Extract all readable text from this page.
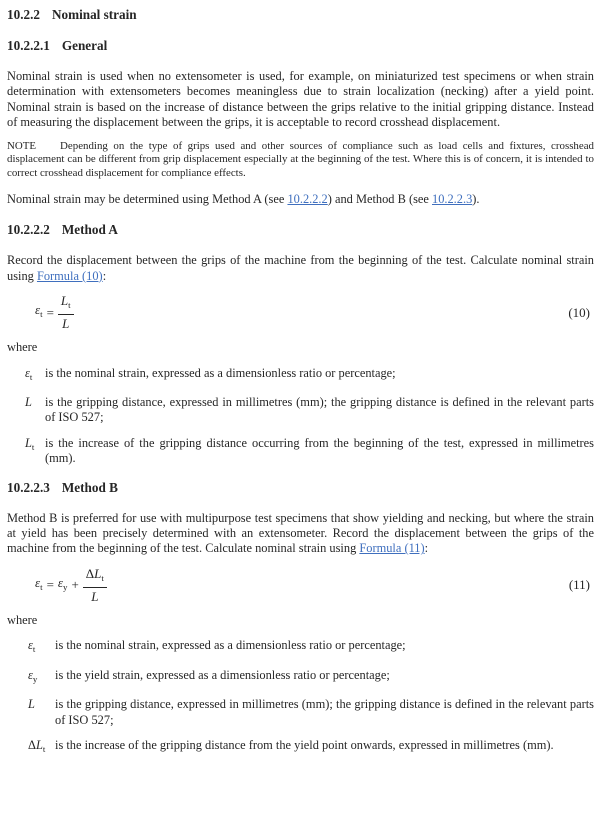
10.2.2 Nominal strain
10.2.2.1 General

Nominal strain is used when no extensometer is used, for example, on miniaturized test specimens or when strain determination with extensometers becomes meaningless due to strain localization (necking) after a yield point. Nominal strain is based on the increase of distance between the grips relative to the initial gripping distance. Instead of measuring the displacement between the grips, it is acceptable to record crosshead displacement.

NOTE Depending on the type of grips used and other sources of compliance such as load cells and fixtures, crosshead displacement can be different from grip displacement especially at the beginning of the test. Where this is of concern, it is intended to correct crosshead displacement for compliance effects.

Nominal strain may be determined using Method A (see 10.2.2.2) and Method B (see 10.2.2.3).

10.2.2.2 Method A

Record the displacement between the grips of the machine from the beginning of the test. Calculate nominal strain using Formula (10):

$\varepsilon_t = \frac{L_t}{L}$	(10)

where

$\varepsilon_t$	is the nominal strain, expressed as a dimensionless ratio or percentage;
L	is the gripping distance, expressed in millimetres (mm); the gripping distance is defined in the relevant parts of ISO 527;
$L_t$ is the increase of the gripping distance occurring from the beginning of the test, expressed in millimetres (mm).
10.2.2.3 Method B

Method B is preferred for use with multipurpose test specimens that show yielding and necking, but where the strain at yield has been precisely determined with an extensometer. Record the displacement between the grips of the machine from the beginning of the test. Calculate nominal strain using Formula (11):

$\varepsilon_t = \varepsilon_y + \frac{\Delta L_t}{L}$	(11)

where

$\varepsilon_t$	is the nominal strain, expressed as a dimensionless ratio or percentage;
$\varepsilon_y$	is the yield strain, expressed as a dimensionless ratio or percentage;
L	is the gripping distance, expressed in millimetres (mm); the gripping distance is defined in the relevant parts of ISO 527;
$\Delta L_t$ is the increase of the gripping distance from the yield point onwards, expressed in millimetres (mm).
